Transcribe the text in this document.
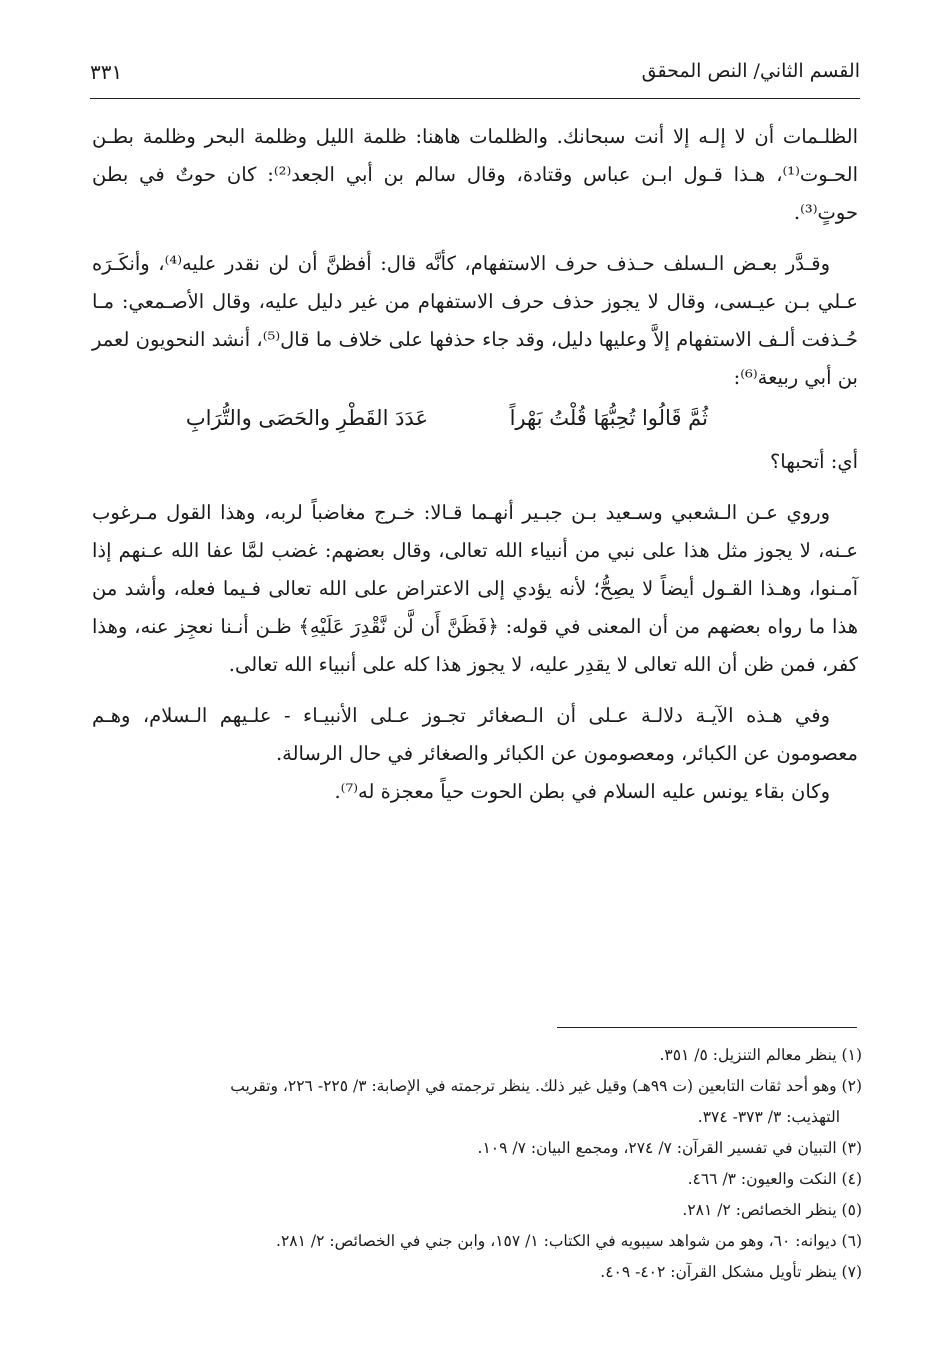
القسم الثاني/ النص المحقق
٣٣١

الظلـمات أن لا إلـه إلا أنت سبحانك. والظلمات هاهنا: ظلمة الليل وظلمة البحر وظلمة بطـن الحـوت⁽¹⁾، هـذا قـول ابـن عباس وقتادة، وقال سالم بن أبي الجعد⁽²⁾: كان حوتٌ في بطن حوتٍ⁽³⁾.

وقـدَّر بعـض الـسلف حـذف حرف الاستفهام، كأنَّه قال: أفظنَّ أن لن نقدر عليه⁽⁴⁾، وأنكَـرَه عـلي بـن عيـسى، وقال لا يجوز حذف حرف الاستفهام من غير دليل عليه، وقال الأصـمعي: مـا حُـذفت ألـف الاستفهام إلاَّ وعليها دليل، وقد جاء حذفها على خلاف ما قال⁽⁵⁾، أنشد النحويون لعمر بن أبي ربيعة⁽⁶⁾:

ثُمَّ قَالُوا تُحِبُّهَا قُلْتُ بَهْراً
عَدَدَ القَطْرِ والحَصَى والتُّرَابِ

أي: أتحبها؟

وروي عـن الـشعبي وسـعيد بـن جبـير أنهـما قـالا: خـرج مغاضباً لربه، وهذا القول مـرغوب عـنه، لا يجوز مثل هذا على نبي من أنبياء الله تعالى، وقال بعضهم: غضب لمَّا عفا الله عـنهم إذا آمـنوا، وهـذا القـول أيضاً لا يصِحُّ؛ لأنه يؤدي إلى الاعتراض على الله تعالى فـيما فعله، وأشد من هذا ما رواه بعضهم من أن المعنى في قوله: ﴿فَظَنَّ أَن لَّن نَّقْدِرَ عَلَيْهِ﴾ ظـن أنـنا نعجِز عنه، وهذا كفر، فمن ظن أن الله تعالى لا يقدِر عليه، لا يجوز هذا كله على أنبياء الله تعالى.

وفي هـذه الآيـة دلالـة عـلى أن الـصغائر تجـوز عـلى الأنبيـاء - علـيهم الـسلام، وهـم معصومون عن الكبائر، ومعصومون عن الكبائر والصغائر في حال الرسالة.

وكان بقاء يونس عليه السلام في بطن الحوت حياً معجزة له⁽⁷⁾.

(١) ينظر معالم التنزيل: ٥/ ٣٥١.

(٢) وهو أحد ثقات التابعين (ت ٩٩هـ) وقيل غير ذلك. ينظر ترجمته في الإصابة: ٣/ ٢٢٥- ٢٢٦، وتقريب

التهذيب: ٣/ ٣٧٣- ٣٧٤.

(٣) التبيان في تفسير القرآن: ٧/ ٢٧٤، ومجمع البيان: ٧/ ١٠٩.

(٤) النكت والعيون: ٣/ ٤٦٦.

(٥) ينظر الخصائص: ٢/ ٢٨١.

(٦) ديوانه: ٦٠، وهو من شواهد سيبويه في الكتاب: ١/ ١٥٧، وابن جني في الخصائص: ٢/ ٢٨١.

(٧) ينظر تأويل مشكل القرآن: ٤٠٢- ٤٠٩.
